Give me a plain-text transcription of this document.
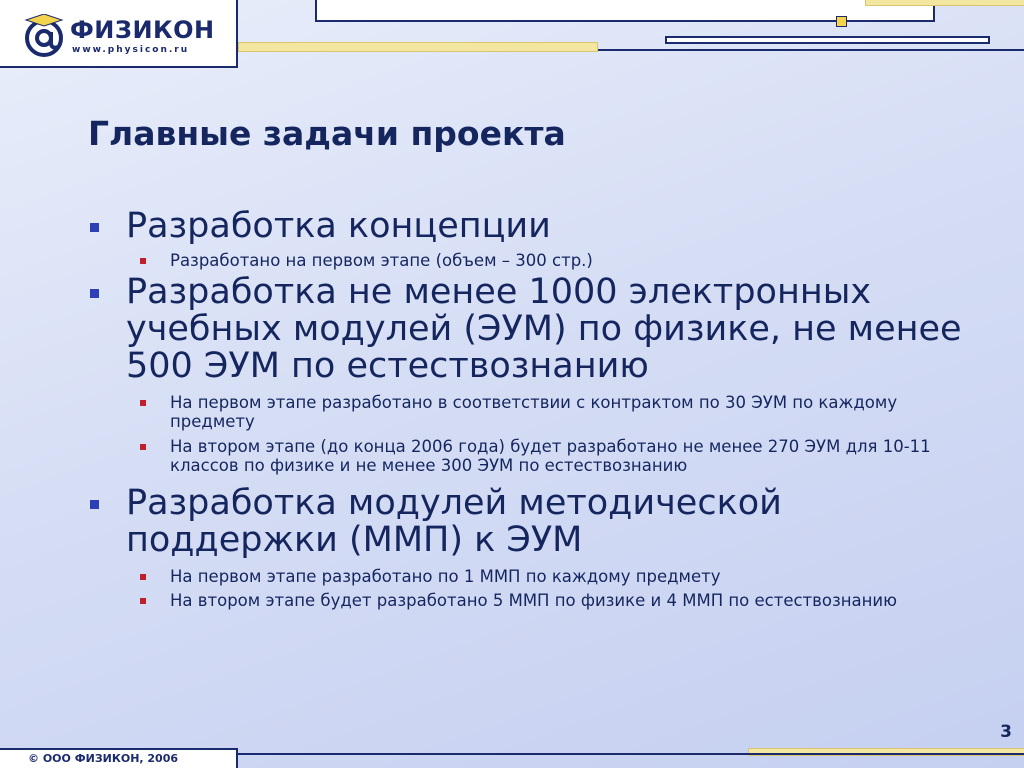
ФИЗИКОН
www.physicon.ru
Главные задачи проекта

Разработка концепции

Разработано на первом этапе (объем – 300 стр.)

Разработка не менее 1000 электронных учебных модулей (ЭУМ) по физике, не менее 500 ЭУМ по естествознанию

На первом этапе разработано в соответствии с контрактом по 30 ЭУМ по каждому предмету

На втором этапе (до конца 2006 года) будет разработано не менее 270 ЭУМ для 10-11 классов по физике и не менее 300 ЭУМ по естествознанию

Разработка модулей методической поддержки (ММП) к ЭУМ

На первом этапе разработано по 1 ММП по каждому предмету

На втором этапе будет разработано 5 ММП по физике и 4 ММП по естествознанию

3
© ООО ФИЗИКОН, 2006
